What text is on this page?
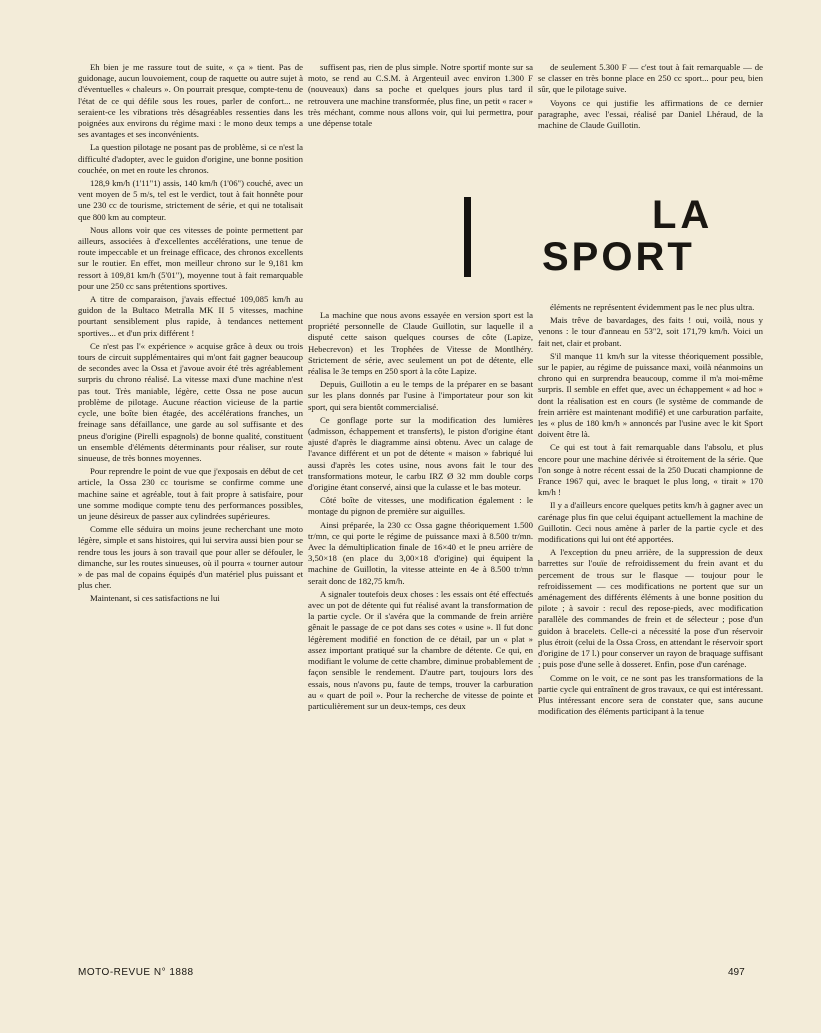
Eh bien je me rassure tout de suite, « ça » tient. Pas de guidonage, aucun louvoiement, coup de raquette ou autre sujet à d'éventuelles « chaleurs ». On pourrait presque, compte-tenu de l'état de ce qui défile sous les roues, parler de confort... ne seraient-ce les vibrations très désagréables ressenties dans les poignées aux environs du régime maxi : le mono deux temps a ses avantages et ses inconvénients.

La question pilotage ne posant pas de problème, si ce n'est la difficulté d'adopter, avec le guidon d'origine, une bonne position couchée, on met en route les chronos.

128,9 km/h (1'11"1) assis, 140 km/h (1'06") couché, avec un vent moyen de 5 m/s, tel est le verdict, tout à fait honnête pour une 230 cc de tourisme, strictement de série, et qui ne totalisait que 800 km au compteur.

Nous allons voir que ces vitesses de pointe permettent par ailleurs, associées à d'excellentes accélérations, une tenue de route impeccable et un freinage efficace, des chronos excellents sur le routier. En effet, mon meilleur chrono sur le 9,181 km ressort à 109,81 km/h (5'01"), moyenne tout à fait remarquable pour une 250 cc sans prétentions sportives.

A titre de comparaison, j'avais effectué 109,085 km/h au guidon de la Bultaco Metralla MK II 5 vitesses, machine pourtant sensiblement plus rapide, à tendances nettement sportives... et d'un prix différent !

Ce n'est pas l'« expérience » acquise grâce à deux ou trois tours de circuit supplémentaires qui m'ont fait gagner beaucoup de secondes avec la Ossa et j'avoue avoir été très agréablement surpris du chrono réalisé. La vitesse maxi d'une machine n'est pas tout. Très maniable, légère, cette Ossa ne pose aucun problème de pilotage. Aucune réaction vicieuse de la partie cycle, une boîte bien étagée, des accélérations franches, un freinage sans défaillance, une garde au sol suffisante et des pneus d'origine (Pirelli espagnols) de bonne qualité, constituent un ensemble d'éléments déterminants pour réaliser, sur route sinueuse, de très bonnes moyennes.

Pour reprendre le point de vue que j'exposais en début de cet article, la Ossa 230 cc tourisme se confirme comme une machine saine et agréable, tout à fait propre à satisfaire, pour une somme modique compte tenu des performances possibles, un jeune désireux de passer aux cylindrées supérieures.

Comme elle séduira un moins jeune recherchant une moto légère, simple et sans histoires, qui lui servira aussi bien pour se rendre tous les jours à son travail que pour aller se défouler, le dimanche, sur les routes sinueuses, où il pourra « tourner autour » de pas mal de copains équipés d'un matériel plus puissant et plus cher.

Maintenant, si ces satisfactions ne lui

suffisent pas, rien de plus simple. Notre sportif monte sur sa moto, se rend au C.S.M. à Argenteuil avec environ 1.300 F (nouveaux) dans sa poche et quelques jours plus tard il retrouvera une machine transformée, plus fine, un petit « racer » très méchant, comme nous allons voir, qui lui permettra, pour une dépense totale

La machine que nous avons essayée en version sport est la propriété personnelle de Claude Guillotin, sur laquelle il a disputé cette saison quelques courses de côte (Lapize, Hebecrevon) et les Trophées de Vitesse de Montlhéry. Strictement de série, avec seulement un pot de détente, elle réalisa le 3e temps en 250 sport à la côte Lapize.

Depuis, Guillotin a eu le temps de la préparer en se basant sur les plans donnés par l'usine à l'importateur pour son kit sport, qui sera bientôt commercialisé.

Ce gonflage porte sur la modification des lumières (admisson, échappement et transferts), le piston d'origine étant ajusté d'après le diagramme ainsi obtenu. Avec un calage de l'avance différent et un pot de détente « maison » fabriqué lui aussi d'après les cotes usine, nous avons fait le tour des transformations moteur, le carbu IRZ Ø 32 mm double corps d'origine étant conservé, ainsi que la culasse et le bas moteur.

Côté boîte de vitesses, une modification également : le montage du pignon de première sur aiguilles.

Ainsi préparée, la 230 cc Ossa gagne théoriquement 1.500 tr/mn, ce qui porte le régime de puissance maxi à 8.500 tr/mn. Avec la démultiplication finale de 16×40 et le pneu arrière de 3,50×18 (en place du 3,00×18 d'origine) qui équipent la machine de Guillotin, la vitesse atteinte en 4e à 8.500 tr/mn serait donc de 182,75 km/h.

A signaler toutefois deux choses : les essais ont été effectués avec un pot de détente qui fut réalisé avant la transformation de la partie cycle. Or il s'avéra que la commande de frein arrière gênait le passage de ce pot dans ses cotes « usine ». Il fut donc légèrement modifié en fonction de ce détail, par un « plat » assez important pratiqué sur la chambre de détente. Ce qui, en modifiant le volume de cette chambre, diminue probablement de façon sensible le rendement. D'autre part, toujours lors des essais, nous n'avons pu, faute de temps, trouver la carburation au « quart de poil ». Pour la recherche de vitesse de pointe et particulièrement sur un deux-temps, ces deux

de seulement 5.300 F — c'est tout à fait remarquable — de se classer en très bonne place en 250 cc sport... pour peu, bien sûr, que le pilotage suive.

Voyons ce qui justifie les affirmations de ce dernier paragraphe, avec l'essai, réalisé par Daniel Lhéraud, de la machine de Claude Guillotin.

éléments ne représentent évidemment pas le nec plus ultra.

Mais trêve de bavardages, des faits ! oui, voilà, nous y venons : le tour d'anneau en 53"2, soit 171,79 km/h. Voici un fait net, clair et probant.

S'il manque 11 km/h sur la vitesse théoriquement possible, sur le papier, au régime de puissance maxi, voilà néanmoins un chrono qui en surprendra beaucoup, comme il m'a moi-même surpris. Il semble en effet que, avec un échappement « ad hoc » dont la réalisation est en cours (le système de commande de frein arrière est maintenant modifié) et une carburation parfaite, les « plus de 180 km/h » annoncés par l'usine avec le kit Sport doivent être là.

Ce qui est tout à fait remarquable dans l'absolu, et plus encore pour une machine dérivée si étroitement de la série. Que l'on songe à notre récent essai de la 250 Ducati championne de France 1967 qui, avec le braquet le plus long, « tirait » 170 km/h !

Il y a d'ailleurs encore quelques petits km/h à gagner avec un carénage plus fin que celui équipant actuellement la machine de Guillotin. Ceci nous amène à parler de la partie cycle et des modifications qui lui ont été apportées.

A l'exception du pneu arrière, de la suppression de deux barrettes sur l'ouïe de refroidissement du frein avant et du percement de trous sur le flasque — toujour pour le refroidissement — ces modifications ne portent que sur un aménagement des différents éléments à une bonne position du pilote ; à savoir : recul des repose-pieds, avec modification parallèle des commandes de frein et de sélecteur ; pose d'un guidon à bracelets. Celle-ci a nécessité la pose d'un réservoir plus étroit (celui de la Ossa Cross, en attendant le réservoir sport d'origine de 17 l.) pour conserver un rayon de braquage suffisant ; puis pose d'une selle à dosseret. Enfin, pose d'un carénage.

Comme on le voit, ce ne sont pas les transformations de la partie cycle qui entraînent de gros travaux, ce qui est intéressant. Plus intéressant encore sera de constater que, sans aucune modification des éléments participant à la tenue

LA
SPORT
MOTO-REVUE N° 1888	497
